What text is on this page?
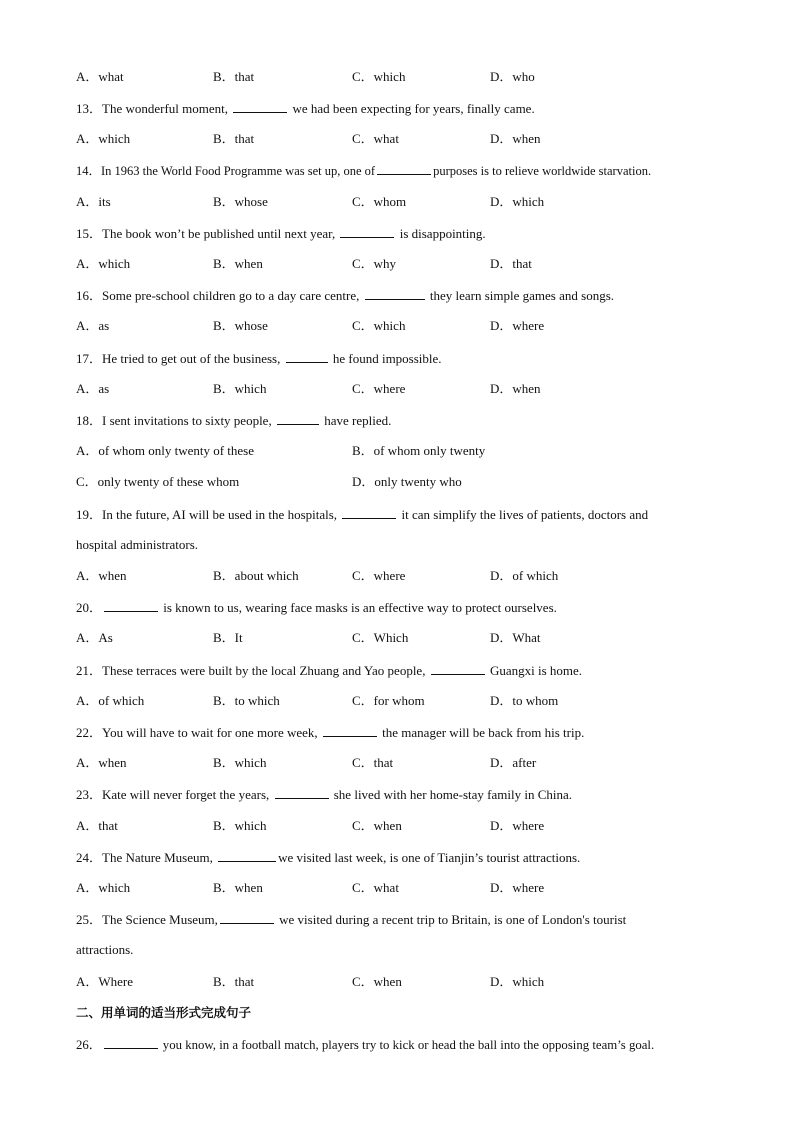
A．what	B．that	C．which	D．who
13．The wonderful moment,	we had been expecting for years, finally came.
A．which	B．that	C．what	D．when
14．In 1963 the World Food Programme was set up, one of	purposes is to relieve worldwide starvation.
A．its	B．whose	C．whom	D．which
15．The book won’t be published until next year,	is disappointing.
A．which	B．when	C．why	D．that
16．Some pre-school children go to a day care centre,	they learn simple games and songs.
A．as	B．whose	C．which	D．where
17．He tried to get out of the business,	he found impossible.
A．as	B．which	C．where	D．when
18．I sent invitations to sixty people,	have replied.
A．of whom only twenty of these	B．of whom only twenty
C．only twenty of these whom	D．only twenty who
19．In the future, AI will be used in the hospitals,	it can simplify the lives of patients, doctors and
hospital administrators.
A．when	B．about which	C．where	D．of which
20．	is known to us, wearing face masks is an effective way to protect ourselves.
A．As	B．It	C．Which	D．What
21．These terraces were built by the local Zhuang and Yao people,	Guangxi is home.
A．of which	B．to which	C．for whom	D．to whom
22．You will have to wait for one more week,	the manager will be back from his trip.
A．when	B．which	C．that	D．after
23．Kate will never forget the years,	she lived with her home-stay family in China.
A．that	B．which	C．when	D．where
24．The Nature Museum,	we visited last week, is one of Tianjin’s tourist attractions.
A．which	B．when	C．what	D．where
25．The Science Museum,	we visited during a recent trip to Britain, is one of London's tourist
attractions.
A．Where	B．that	C．when	D．which
二、用单词的适当形式完成句子
26．	you know, in a football match, players try to kick or head the ball into the opposing team’s goal.
